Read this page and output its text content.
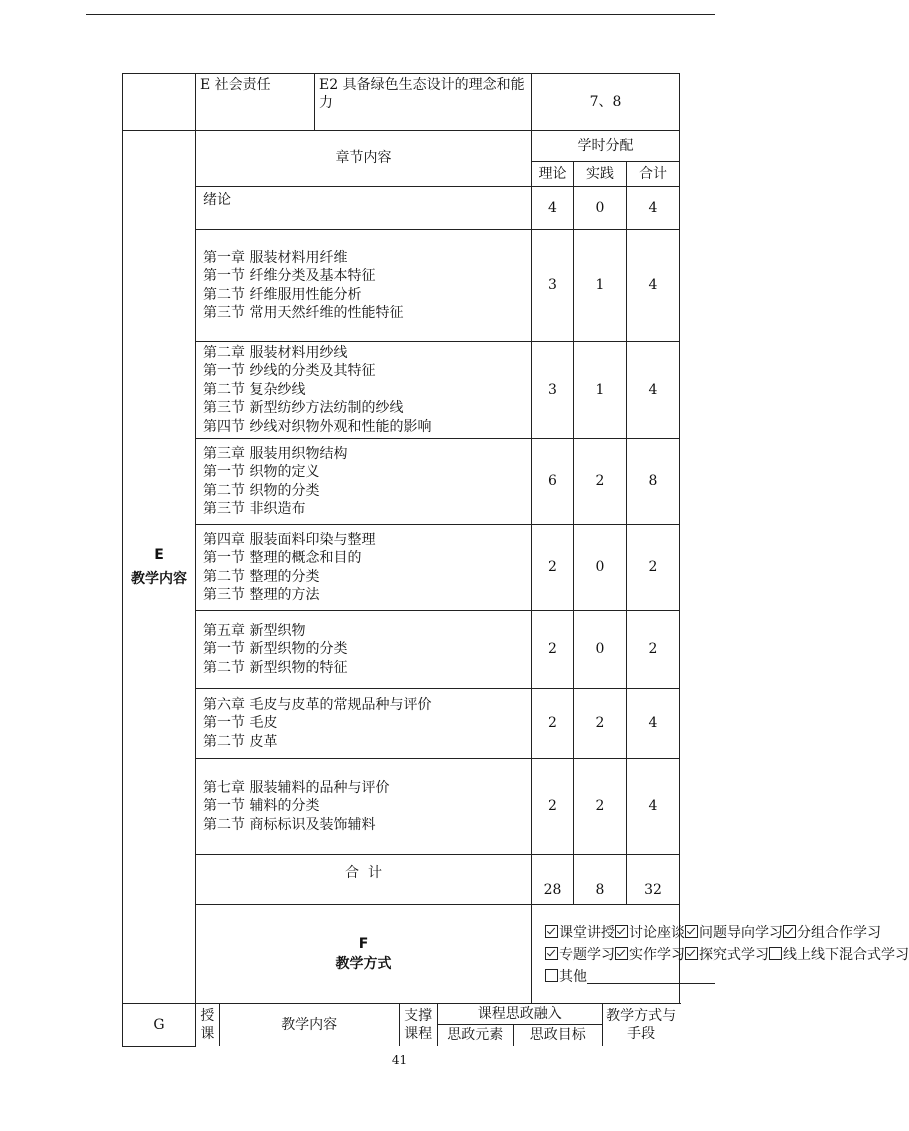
E 社会责任	E2 具备绿色生态设计的理念和能力	7、8

E
教学内容
	章节内容	学时分配
理论	实践	合计

绪论	4	0	4

第一章 服装材料用纤维
第一节 纤维分类及基本特征
第二节 纤维服用性能分析
第三节 常用天然纤维的性能特征
	3	1	4

第二章 服装材料用纱线
第一节 纱线的分类及其特征
第二节 复杂纱线
第三节 新型纺纱方法纺制的纱线
第四节 纱线对织物外观和性能的影响
	3	1	4

第三章 服装用织物结构
第一节 织物的定义
第二节 织物的分类
第三节 非织造布
	6	2	8

第四章 服装面料印染与整理
第一节 整理的概念和目的
第二节 整理的分类
第三节 整理的方法
	2	0	2

第五章 新型织物
第一节 新型织物的分类
第二节 新型织物的特征
	2	0	2

第六章 毛皮与皮革的常规品种与评价
第一节 毛皮
第二节 皮革
	2	2	4

第七章 服装辅料的品种与评价
第一节 辅料的分类
第二节 商标标识及装饰辅料
	2	2	4
合  计	28	8	32

F
教学方式

课堂讲授	讨论座谈	问题导向学习	分组合作学习
专题学习	实作学习	探究式学习	线上线下混合式学习
其他

G	
授课	教学内容	支撑课程	课程思政融入	教学方式与手段
思政元素	思政目标
41
